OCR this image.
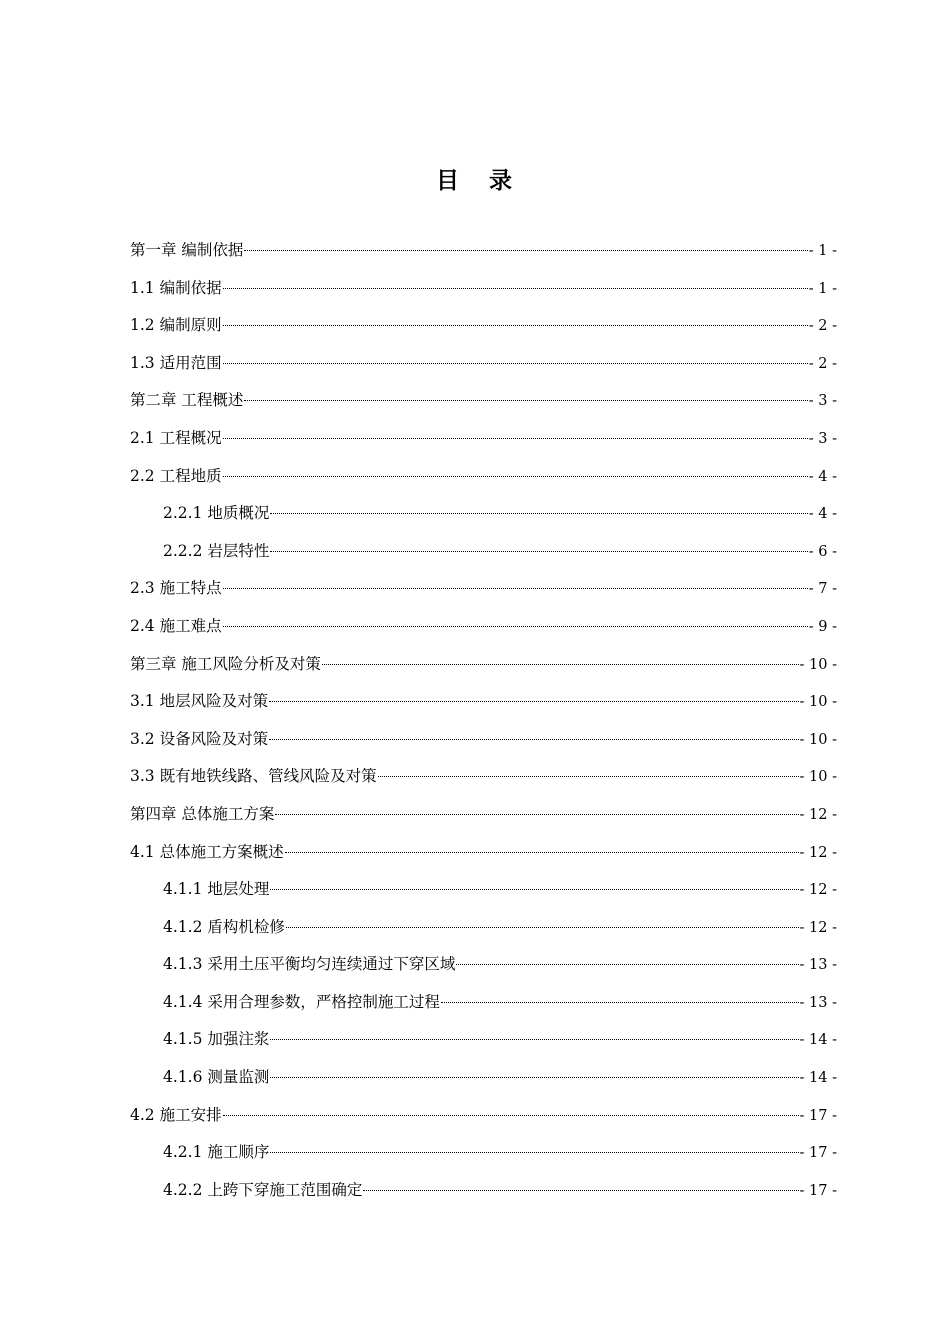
目 录
第一章 编制依据	- 1 -
1.1 编制依据	- 1 -
1.2 编制原则	- 2 -
1.3 适用范围	- 2 -
第二章 工程概述	- 3 -
2.1 工程概况	- 3 -
2.2 工程地质	- 4 -
2.2.1 地质概况	- 4 -
2.2.2 岩层特性	- 6 -
2.3 施工特点	- 7 -
2.4 施工难点	- 9 -
第三章 施工风险分析及对策	- 10 -
3.1 地层风险及对策	- 10 -
3.2 设备风险及对策	- 10 -
3.3 既有地铁线路、管线风险及对策	- 10 -
第四章 总体施工方案	- 12 -
4.1 总体施工方案概述	- 12 -
4.1.1 地层处理	- 12 -
4.1.2 盾构机检修	- 12 -
4.1.3 采用土压平衡均匀连续通过下穿区域	- 13 -
4.1.4 采用合理参数，严格控制施工过程	- 13 -
4.1.5 加强注浆	- 14 -
4.1.6 测量监测	- 14 -
4.2 施工安排	- 17 -
4.2.1 施工顺序	- 17 -
4.2.2 上跨下穿施工范围确定	- 17 -
